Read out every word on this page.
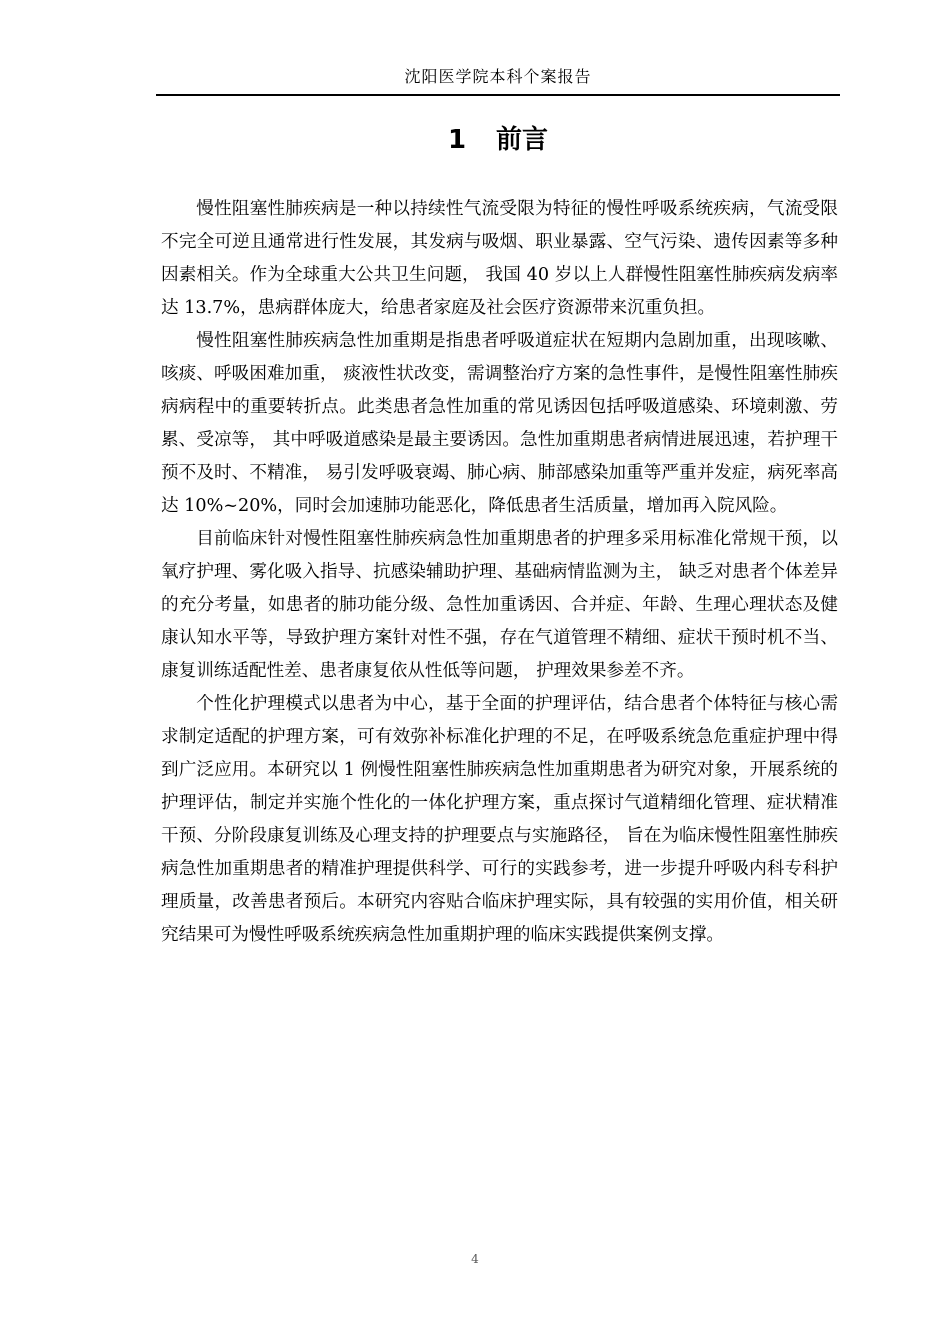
沈阳医学院本科个案报告
1 前言

慢性阻塞性肺疾病是一种以持续性气流受限为特征的慢性呼吸系统疾病，气流受限不完全可逆且通常进行性发展，其发病与吸烟、职业暴露、空气污染、遗传因素等多种因素相关。作为全球重大公共卫生问题， 我国 40 岁以上人群慢性阻塞性肺疾病发病率达 13.7%，患病群体庞大，给患者家庭及社会医疗资源带来沉重负担。

慢性阻塞性肺疾病急性加重期是指患者呼吸道症状在短期内急剧加重，出现咳嗽、咳痰、呼吸困难加重， 痰液性状改变，需调整治疗方案的急性事件，是慢性阻塞性肺疾病病程中的重要转折点。此类患者急性加重的常见诱因包括呼吸道感染、环境刺激、劳累、受凉等， 其中呼吸道感染是最主要诱因。急性加重期患者病情进展迅速，若护理干预不及时、不精准， 易引发呼吸衰竭、肺心病、肺部感染加重等严重并发症，病死率高达 10%~20%，同时会加速肺功能恶化，降低患者生活质量，增加再入院风险。

目前临床针对慢性阻塞性肺疾病急性加重期患者的护理多采用标准化常规干预，以氧疗护理、雾化吸入指导、抗感染辅助护理、基础病情监测为主， 缺乏对患者个体差异的充分考量，如患者的肺功能分级、急性加重诱因、合并症、年龄、生理心理状态及健康认知水平等，导致护理方案针对性不强，存在气道管理不精细、症状干预时机不当、康复训练适配性差、患者康复依从性低等问题， 护理效果参差不齐。

个性化护理模式以患者为中心，基于全面的护理评估，结合患者个体特征与核心需求制定适配的护理方案，可有效弥补标准化护理的不足，在呼吸系统急危重症护理中得到广泛应用。本研究以 1 例慢性阻塞性肺疾病急性加重期患者为研究对象，开展系统的护理评估，制定并实施个性化的一体化护理方案，重点探讨气道精细化管理、症状精准干预、分阶段康复训练及心理支持的护理要点与实施路径， 旨在为临床慢性阻塞性肺疾病急性加重期患者的精准护理提供科学、可行的实践参考，进一步提升呼吸内科专科护理质量，改善患者预后。本研究内容贴合临床护理实际，具有较强的实用价值，相关研究结果可为慢性呼吸系统疾病急性加重期护理的临床实践提供案例支撑。

4
